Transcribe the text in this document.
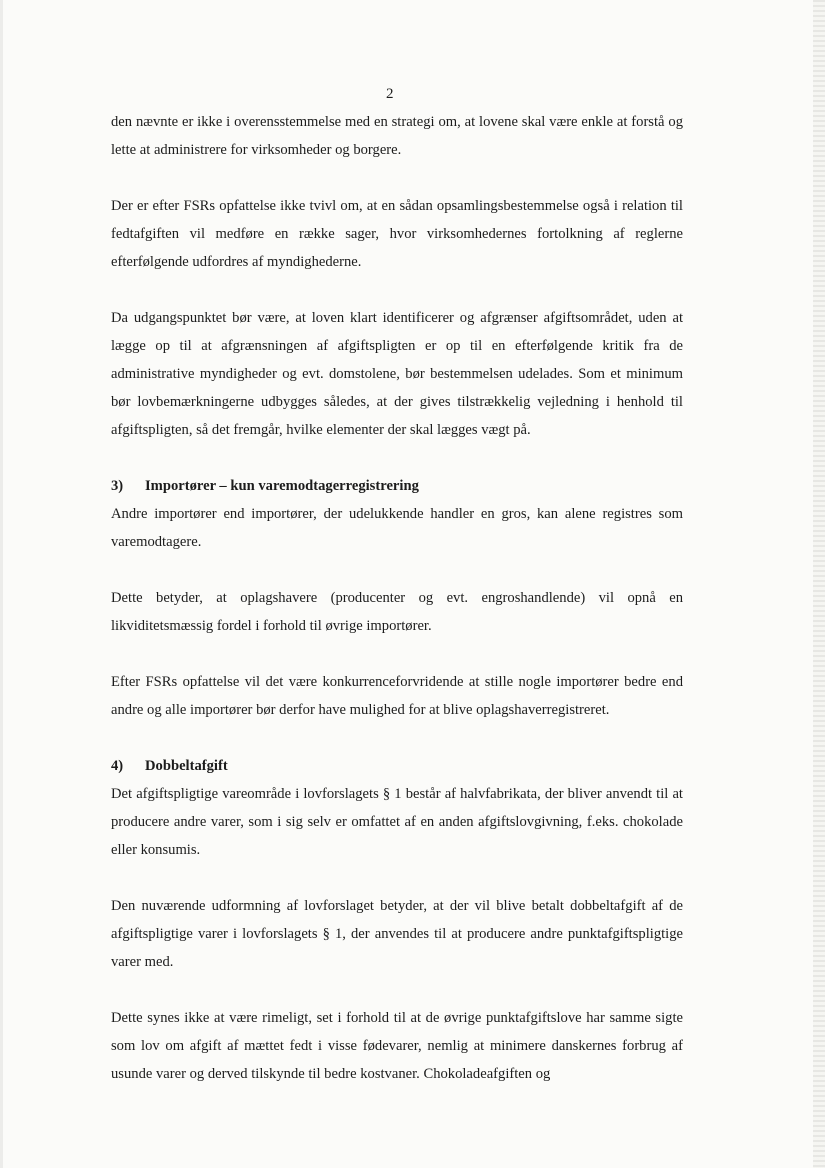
2

den nævnte er ikke i overensstemmelse med en strategi om, at lovene skal være enkle at forstå og lette at administrere for virksomheder og borgere.

Der er efter FSRs opfattelse ikke tvivl om, at en sådan opsamlingsbestemmelse også i relation til fedtafgiften vil medføre en række sager, hvor virksomhedernes fortolkning af reglerne efterfølgende udfordres af myndighederne.

Da udgangspunktet bør være, at loven klart identificerer og afgrænser afgiftsområdet, uden at lægge op til at afgrænsningen af afgiftspligten er op til en efterfølgende kritik fra de administrative myndigheder og evt. domstolene, bør bestemmelsen udelades. Som et minimum bør lovbemærkningerne udbygges således, at der gives tilstrækkelig vejledning i henhold til afgiftspligten, så det fremgår, hvilke elementer der skal lægges vægt på.

3)	Importører – kun varemodtagerregistrering

Andre importører end importører, der udelukkende handler en gros, kan alene registres som varemodtagere.

Dette betyder, at oplagshavere (producenter og evt. engroshandlende) vil opnå en likviditetsmæssig fordel i forhold til øvrige importører.

Efter FSRs opfattelse vil det være konkurrenceforvridende at stille nogle importører bedre end andre og alle importører bør derfor have mulighed for at blive oplagshaverregistreret.

4)	Dobbeltafgift

Det afgiftspligtige vareområde i lovforslagets § 1 består af halvfabrikata, der bliver anvendt til at producere andre varer, som i sig selv er omfattet af en anden afgiftslovgivning, f.eks. chokolade eller konsumis.

Den nuværende udformning af lovforslaget betyder, at der vil blive betalt dobbeltafgift af de afgiftspligtige varer i lovforslagets § 1, der anvendes til at producere andre punktafgiftspligtige varer med.

Dette synes ikke at være rimeligt, set i forhold til at de øvrige punktafgiftslove har samme sigte som lov om afgift af mættet fedt i visse fødevarer, nemlig at minimere danskernes forbrug af usunde varer og derved tilskynde til bedre kostvaner. Chokoladeafgiften og
